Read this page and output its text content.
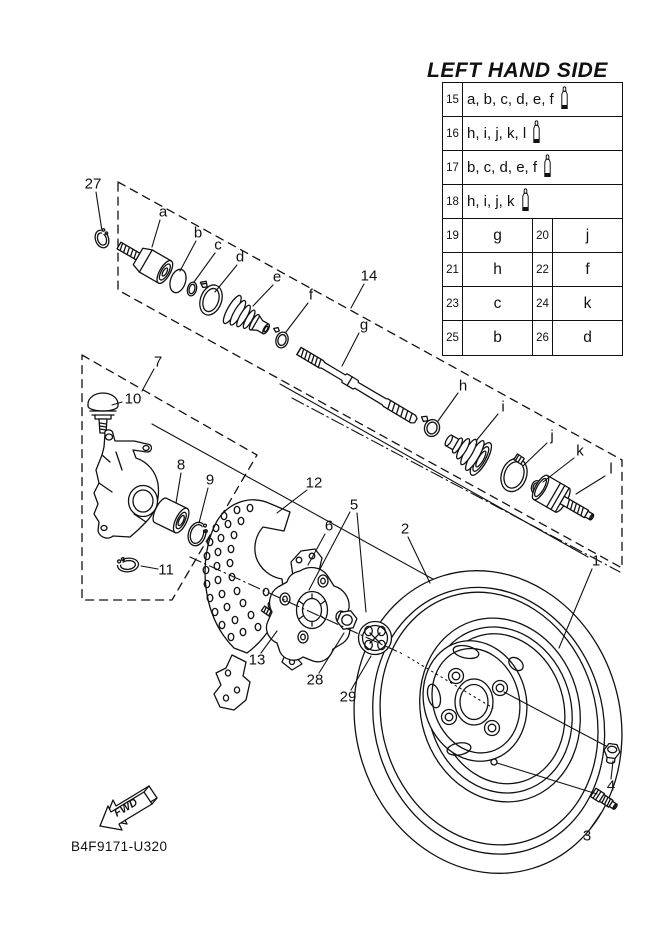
LEFT HAND SIDE
B4F9171-U320
FWD
15 a, b, c, d, e, f
16 h, i, j, k, l
17 b, c, d, e, f
18 h, i, j, k
19	g	20	j
21	h	22	f
23	c	24	k
25	b	26	d
27
a
b
c
d
e
f
14
g
h
i
j
k
l
7
10
8
9
11
12
5
6
13
28
29
2
1
4
3
